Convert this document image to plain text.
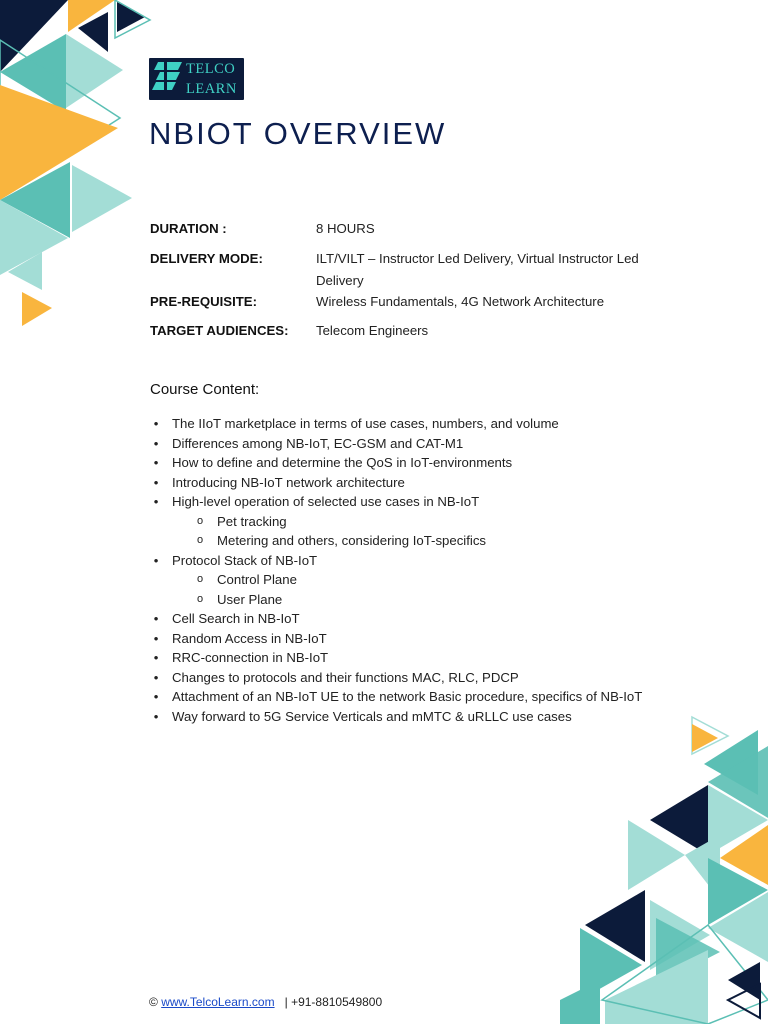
TELCO
LEARN
NBIOT OVERVIEW
DURATION :	8 HOURS
DELIVERY MODE:	ILT/VILT – Instructor Led Delivery, Virtual Instructor Led Delivery
PRE-REQUISITE:	Wireless Fundamentals, 4G Network Architecture
TARGET AUDIENCES: Telecom Engineers
Course Content:
• The IIoT marketplace in terms of use cases, numbers, and volume
• Differences among NB-IoT, EC-GSM and CAT-M1
• How to define and determine the QoS in IoT-environments
• Introducing NB-IoT network architecture
• High-level operation of selected use cases in NB-IoT
o Pet tracking
o Metering and others, considering IoT-specifics
• Protocol Stack of NB-IoT
o Control Plane
o User Plane
• Cell Search in NB-IoT
• Random Access in NB-IoT
• RRC-connection in NB-IoT
• Changes to protocols and their functions MAC, RLC, PDCP
• Attachment of an NB-IoT UE to the network Basic procedure, specifics of NB-IoT
• Way forward to 5G Service Verticals and mMTC & uRLLC use cases
© www.TelcoLearn.com | +91-8810549800
